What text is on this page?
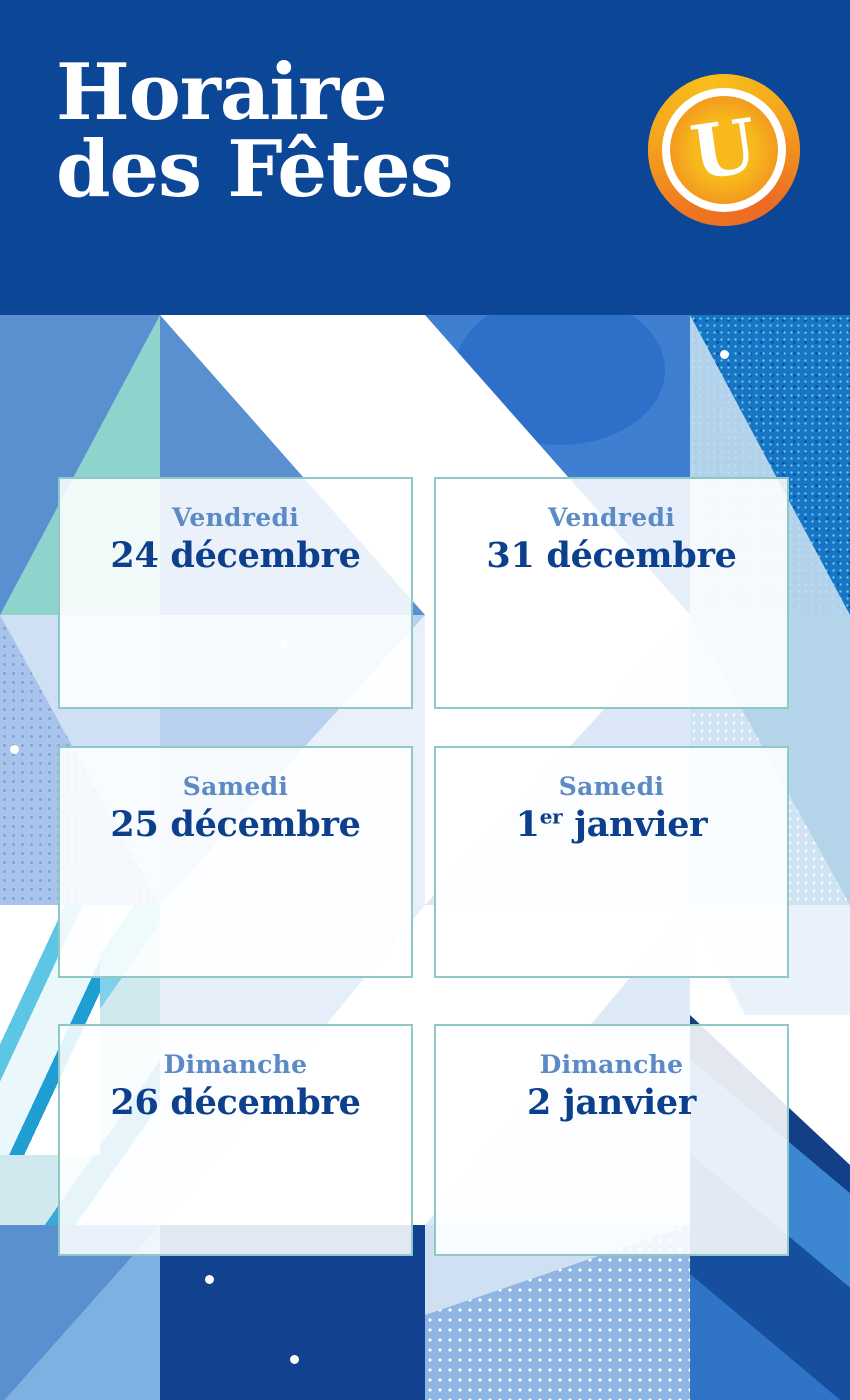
Vendredi
24 décembre
Vendredi
31 décembre
Samedi
25 décembre
Samedi
1er janvier
Dimanche
26 décembre
Dimanche
2 janvier
Horaire
des Fêtes	U
